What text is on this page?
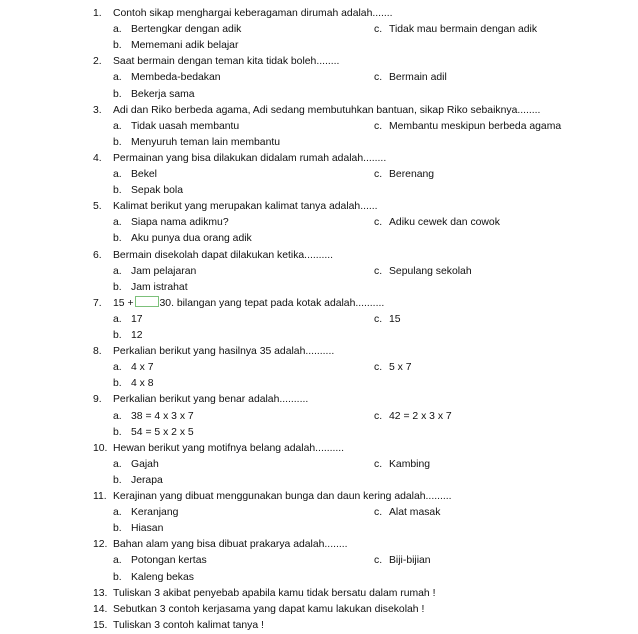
1.	Contoh sikap menghargai keberagaman dirumah adalah.......
a. Bertengkar dengan adik	c. Tidak mau bermain dengan adik
b. Mememani adik belajar
2.	Saat bermain dengan teman kita tidak boleh........
a. Membeda-bedakan	c. Bermain adil
b. Bekerja sama
3.	Adi dan Riko berbeda agama, Adi sedang membutuhkan bantuan, sikap Riko sebaiknya........
a. Tidak uasah membantu	c. Membantu meskipun berbeda agama
b. Menyuruh teman lain membantu
4.	Permainan yang bisa dilakukan didalam rumah adalah........
a. Bekel	c. Berenang
b. Sepak bola
5.	Kalimat berikut yang merupakan kalimat tanya adalah......
a. Siapa nama adikmu?	c. Adiku cewek dan cowok
b. Aku punya dua orang adik
6.	Bermain disekolah dapat dilakukan ketika..........
a. Jam pelajaran	c. Sepulang sekolah
b. Jam istrahat
7.	15 +	30. bilangan yang tepat pada kotak adalah..........
a. 17	c. 15
b. 12
8.	Perkalian berikut yang hasilnya 35 adalah..........
a. 4 x 7	c. 5 x 7
b. 4 x 8
9.	Perkalian berikut yang benar adalah..........
a. 38 = 4 x 3 x 7	c. 42 = 2 x 3 x 7
b. 54 = 5 x 2 x 5
10. Hewan berikut yang motifnya belang adalah..........
a. Gajah	c. Kambing
b. Jerapa
11. Kerajinan yang dibuat menggunakan bunga dan daun kering adalah.........
a. Keranjang	c. Alat masak
b. Hiasan
12. Bahan alam yang bisa dibuat prakarya adalah........
a. Potongan kertas	c. Biji-bijian
b. Kaleng bekas
13. Tuliskan 3 akibat penyebab apabila kamu tidak bersatu dalam rumah !
14. Sebutkan 3 contoh kerjasama yang dapat kamu lakukan disekolah !
15. Tuliskan 3 contoh kalimat tanya !
